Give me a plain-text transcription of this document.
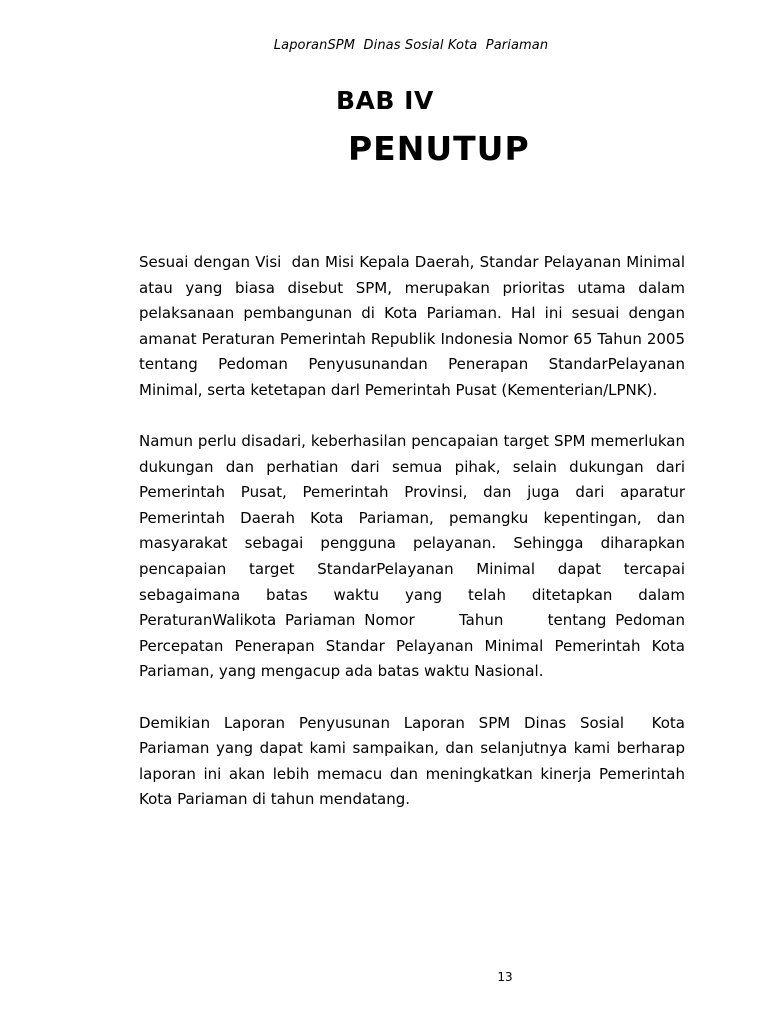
LaporanSPM  Dinas Sosial Kota  Pariaman
BAB IV
PENUTUP

Sesuai dengan Visi  dan Misi Kepala Daerah, Standar Pelayanan Minimal atau yang biasa disebut SPM, merupakan prioritas utama dalam pelaksanaan pembangunan di Kota Pariaman. Hal ini sesuai dengan amanat Peraturan Pemerintah Republik Indonesia Nomor 65 Tahun 2005 tentang Pedoman Penyusunandan Penerapan StandarPelayanan Minimal, serta ketetapan darl Pemerintah Pusat (Kementerian/LPNK).

Namun perlu disadari, keberhasilan pencapaian target SPM memerlukan dukungan dan perhatian dari semua pihak, selain dukungan dari Pemerintah Pusat, Pemerintah Provinsi, dan juga dari aparatur Pemerintah Daerah Kota Pariaman, pemangku kepentingan, dan masyarakat sebagai pengguna pelayanan. Sehingga diharapkan pencapaian target StandarPelayanan Minimal dapat tercapai sebagaimana batas waktu yang telah ditetapkan dalam PeraturanWalikota Pariaman Nomor     Tahun     tentang Pedoman Percepatan Penerapan Standar Pelayanan Minimal Pemerintah Kota Pariaman, yang mengacup ada batas waktu Nasional.

Demikian Laporan Penyusunan Laporan SPM Dinas Sosial  Kota Pariaman yang dapat kami sampaikan, dan selanjutnya kami berharap laporan ini akan lebih memacu dan meningkatkan kinerja Pemerintah Kota Pariaman di tahun mendatang.

13
